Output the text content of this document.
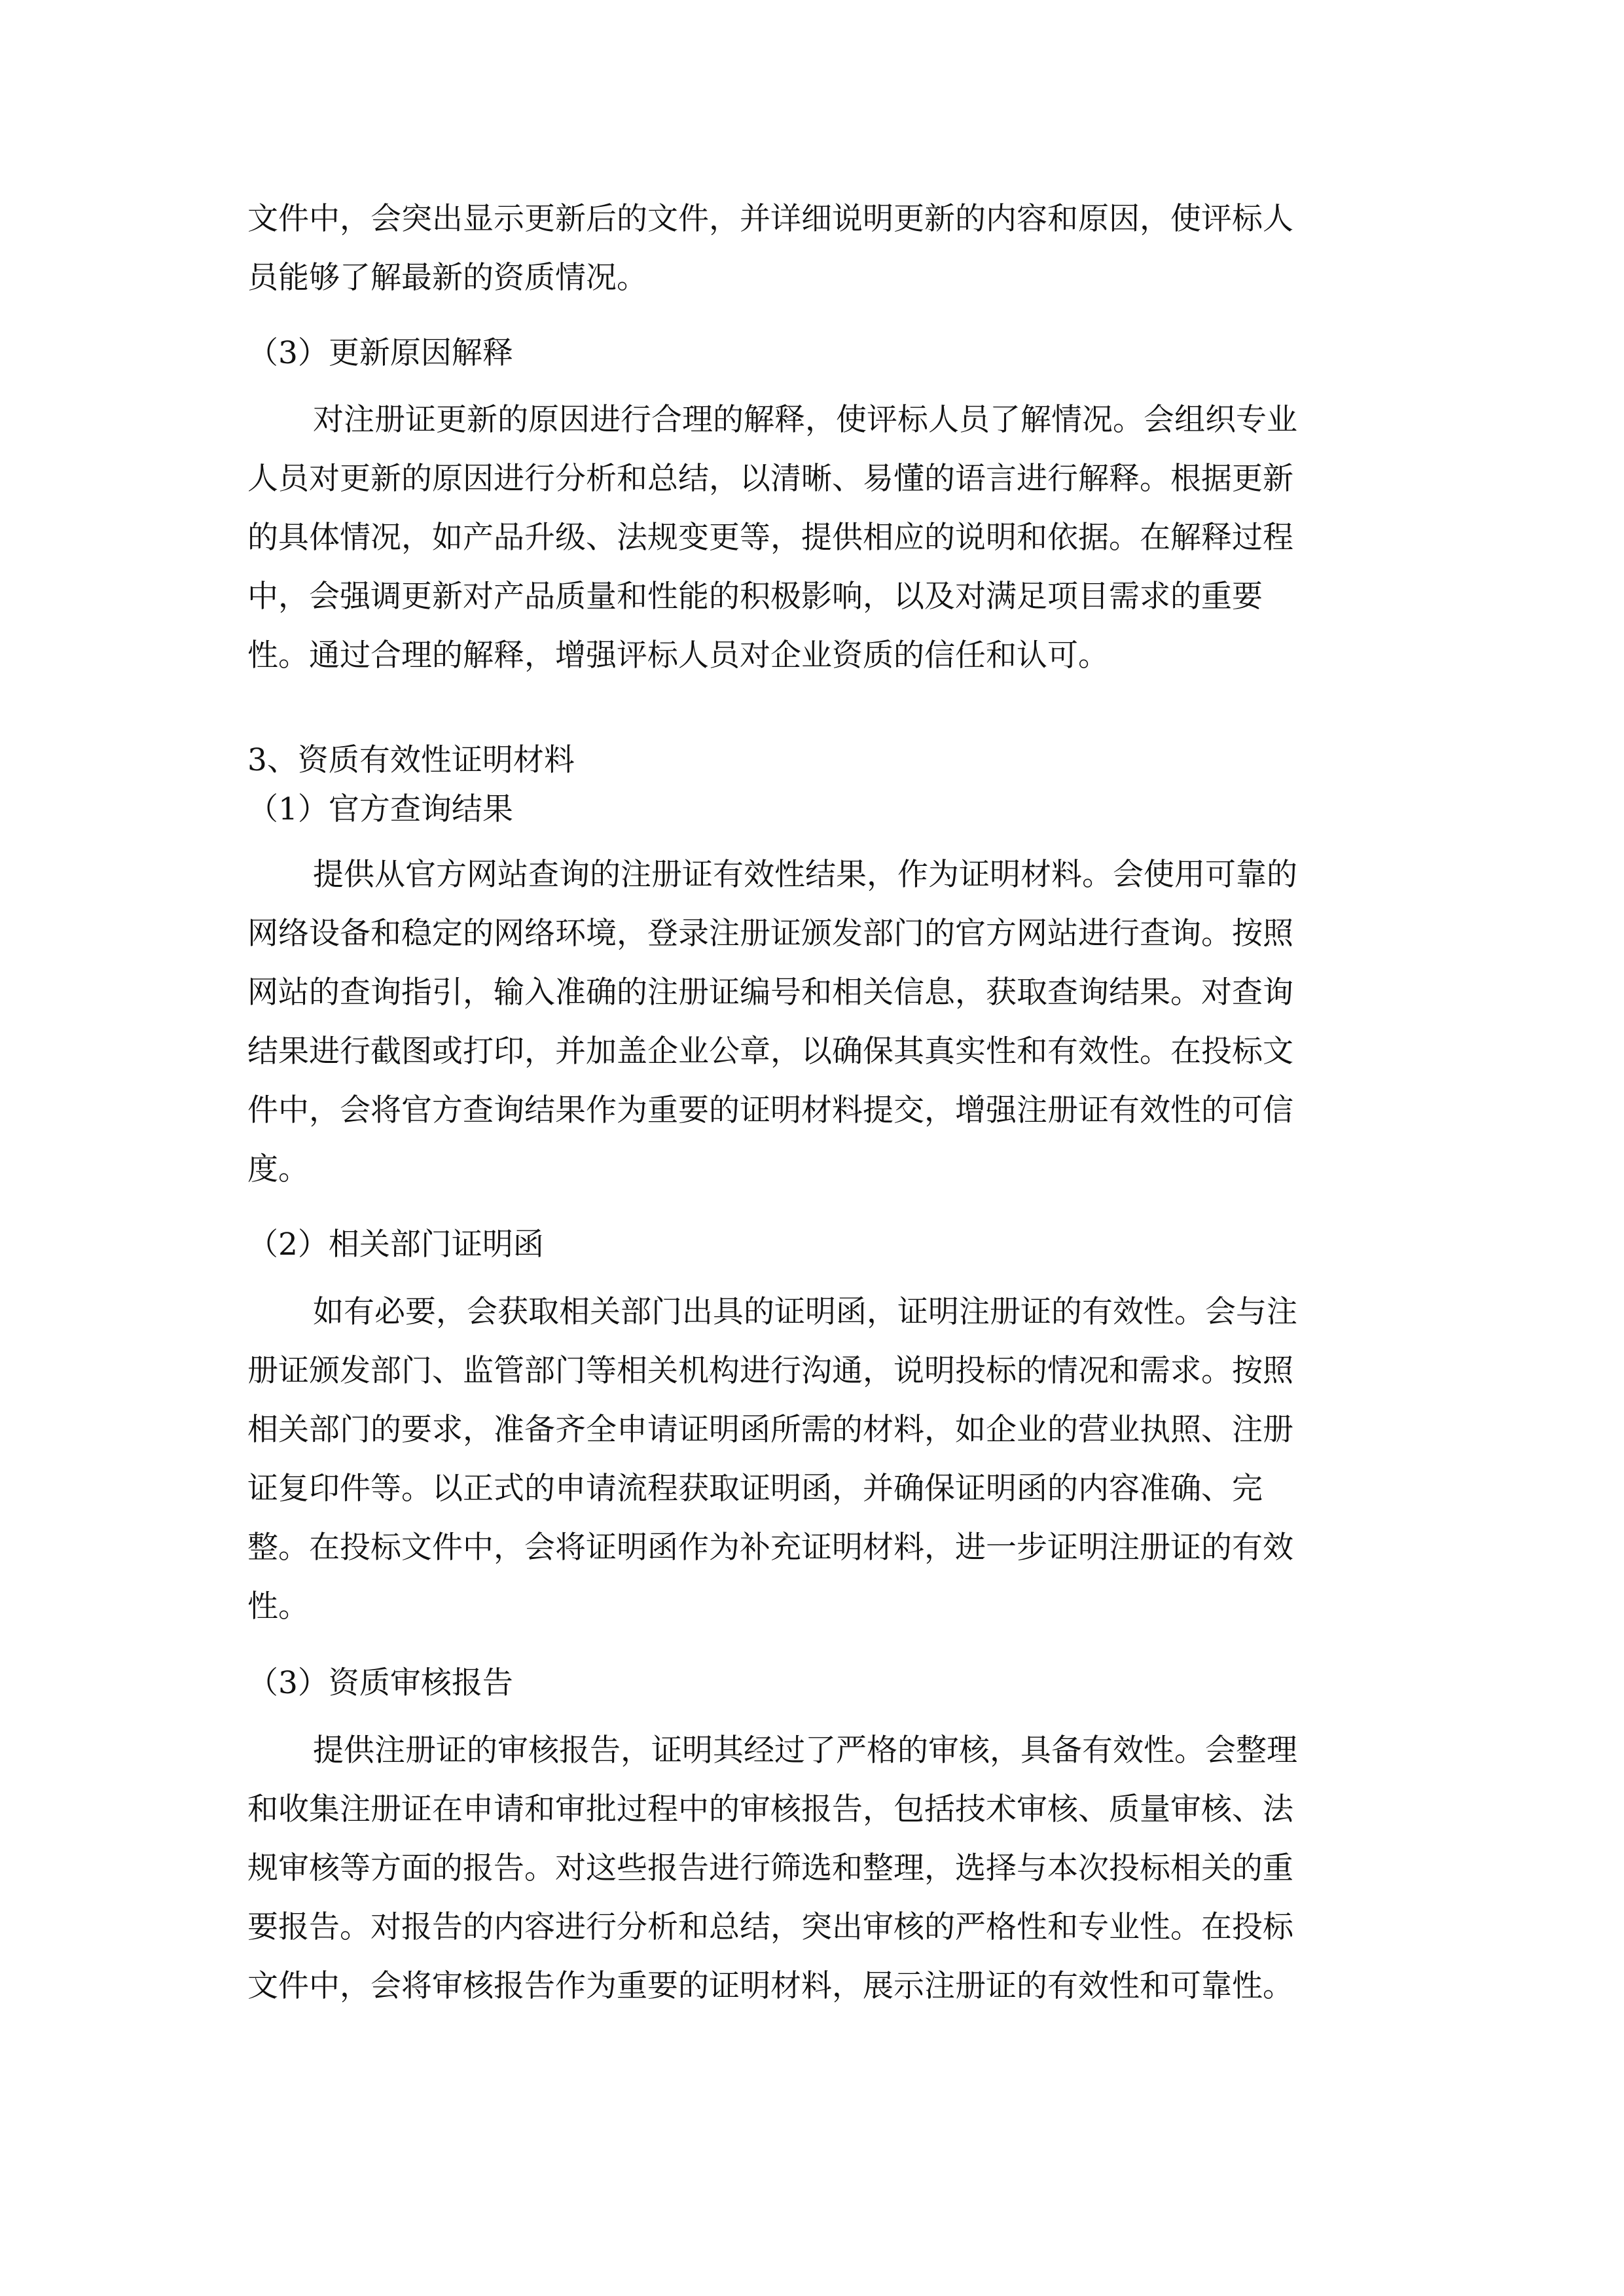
文件中，会突出显示更新后的文件，并详细说明更新的内容和原因，使评标人
员能够了解最新的资质情况。
（3）更新原因解释
对注册证更新的原因进行合理的解释，使评标人员了解情况。会组织专业
人员对更新的原因进行分析和总结，以清晰、易懂的语言进行解释。根据更新
的具体情况，如产品升级、法规变更等，提供相应的说明和依据。在解释过程
中，会强调更新对产品质量和性能的积极影响，以及对满足项目需求的重要
性。通过合理的解释，增强评标人员对企业资质的信任和认可。
3、资质有效性证明材料
（1）官方查询结果
提供从官方网站查询的注册证有效性结果，作为证明材料。会使用可靠的
网络设备和稳定的网络环境，登录注册证颁发部门的官方网站进行查询。按照
网站的查询指引，输入准确的注册证编号和相关信息，获取查询结果。对查询
结果进行截图或打印，并加盖企业公章，以确保其真实性和有效性。在投标文
件中，会将官方查询结果作为重要的证明材料提交，增强注册证有效性的可信
度。
（2）相关部门证明函
如有必要，会获取相关部门出具的证明函，证明注册证的有效性。会与注
册证颁发部门、监管部门等相关机构进行沟通，说明投标的情况和需求。按照
相关部门的要求，准备齐全申请证明函所需的材料，如企业的营业执照、注册
证复印件等。以正式的申请流程获取证明函，并确保证明函的内容准确、完
整。在投标文件中，会将证明函作为补充证明材料，进一步证明注册证的有效
性。
（3）资质审核报告
提供注册证的审核报告，证明其经过了严格的审核，具备有效性。会整理
和收集注册证在申请和审批过程中的审核报告，包括技术审核、质量审核、法
规审核等方面的报告。对这些报告进行筛选和整理，选择与本次投标相关的重
要报告。对报告的内容进行分析和总结，突出审核的严格性和专业性。在投标
文件中，会将审核报告作为重要的证明材料，展示注册证的有效性和可靠性。
